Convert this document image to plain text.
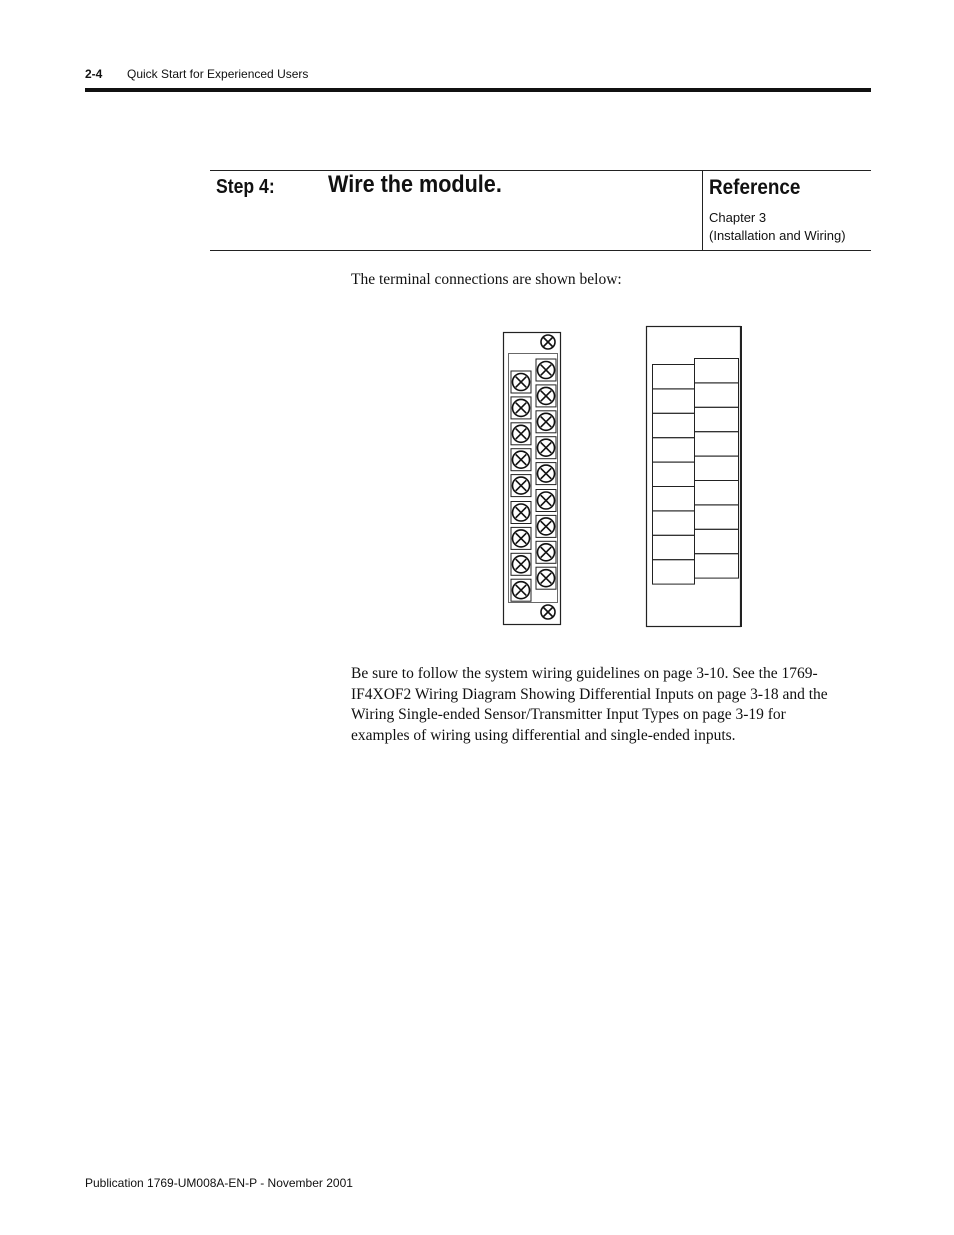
2-4 Quick Start for Experienced Users
Step 4: Wire the module.	Reference
Chapter 3
(Installation and Wiring)
The terminal connections are shown below:
Be sure to follow the system wiring guidelines on page 3-10. See the 1769-IF4XOF2 Wiring Diagram Showing Differential Inputs on page 3-18 and the Wiring Single-ended Sensor/Transmitter Input Types on page 3-19 for examples of wiring using differential and single-ended inputs.
Publication 1769-UM008A-EN-P - November 2001
